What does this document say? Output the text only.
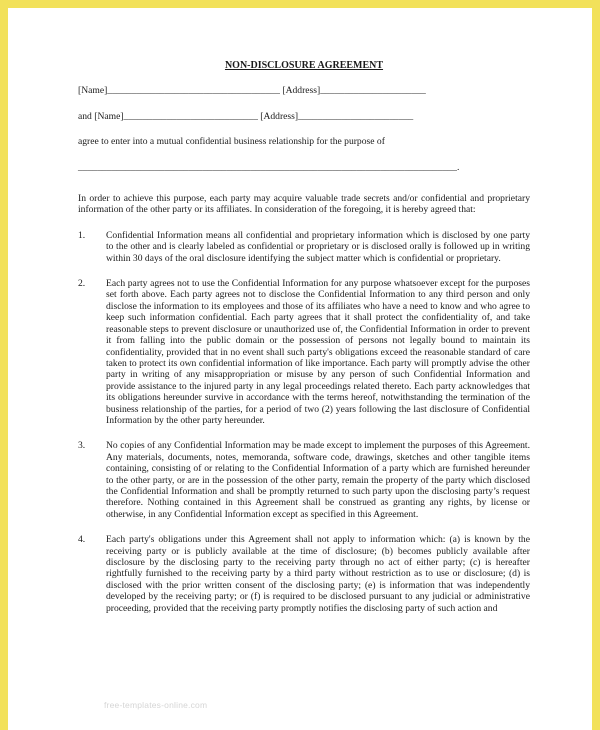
NON-DISCLOSURE AGREEMENT
[Name]____________________________________ [Address]______________________
and [Name]____________________________ [Address]________________________
agree to enter into a mutual confidential business relationship for the purpose of
_______________________________________________________________________________.
In order to achieve this purpose, each party may acquire valuable trade secrets and/or confidential and proprietary information of the other party or its affiliates. In consideration of the foregoing, it is hereby agreed that:
1.	Confidential Information means all confidential and proprietary information which is disclosed by one party to the other and is clearly labeled as confidential or proprietary or is disclosed orally is followed up in writing within 30 days of the oral disclosure identifying the subject matter which is confidential or proprietary.
2.	Each party agrees not to use the Confidential Information for any purpose whatsoever except for the purposes set forth above. Each party agrees not to disclose the Confidential Information to any third person and only disclose the information to its employees and those of its affiliates who have a need to know and who agree to keep such information confidential. Each party agrees that it shall protect the confidentiality of, and take reasonable steps to prevent disclosure or unauthorized use of, the Confidential Information in order to prevent it from falling into the public domain or the possession of persons not legally bound to maintain its confidentiality, provided that in no event shall such party's obligations exceed the reasonable standard of care taken to protect its own confidential information of like importance. Each party will promptly advise the other party in writing of any misappropriation or misuse by any person of such Confidential Information and provide assistance to the injured party in any legal proceedings related thereto. Each party acknowledges that its obligations hereunder survive in accordance with the terms hereof, notwithstanding the termination of the business relationship of the parties, for a period of two (2) years following the last disclosure of Confidential Information by the other party hereunder.
3.	No copies of any Confidential Information may be made except to implement the purposes of this Agreement. Any materials, documents, notes, memoranda, software code, drawings, sketches and other tangible items containing, consisting of or relating to the Confidential Information of a party which are furnished hereunder to the other party, or are in the possession of the other party, remain the property of the party which disclosed the Confidential Information and shall be promptly returned to such party upon the disclosing party’s request therefore. Nothing contained in this Agreement shall be construed as granting any rights, by license or otherwise, in any Confidential Information except as specified in this Agreement.
4.	Each party's obligations under this Agreement shall not apply to information which: (a) is known by the receiving party or is publicly available at the time of disclosure; (b) becomes publicly available after disclosure by the disclosing party to the receiving party through no act of either party; (c) is hereafter rightfully furnished to the receiving party by a third party without restriction as to use or disclosure; (d) is disclosed with the prior written consent of the disclosing party; (e) is information that was independently developed by the receiving party; or (f) is required to be disclosed pursuant to any judicial or administrative proceeding, provided that the receiving party promptly notifies the disclosing party of such action and
free-templates-online.com
